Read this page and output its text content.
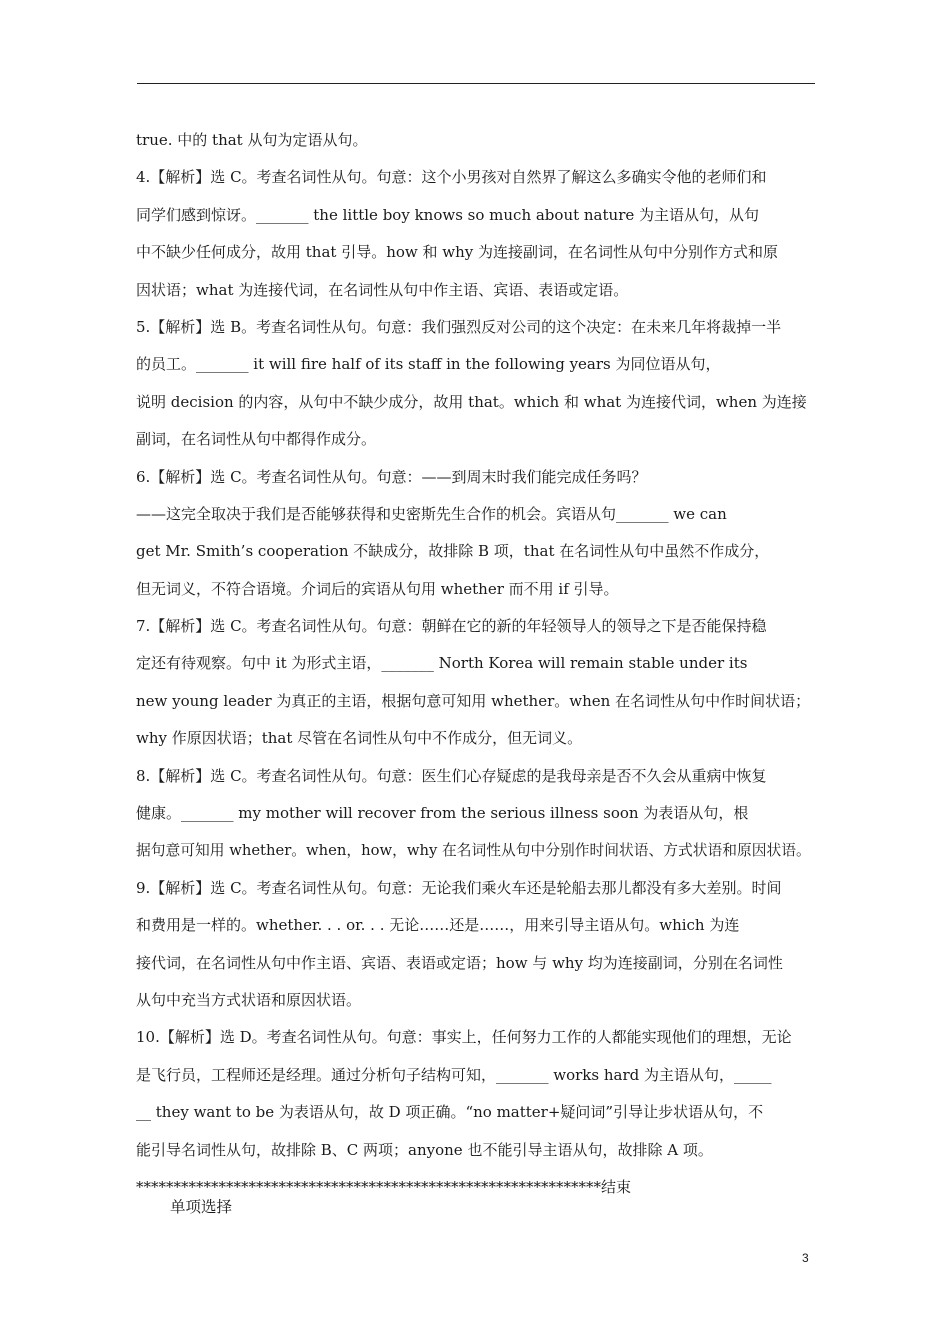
true. 中的 that 从句为定语从句。
4.【解析】选 C。考查名词性从句。句意：这个小男孩对自然界了解这么多确实令他的老师们和
同学们感到惊讶。_______ the little boy knows so much about nature 为主语从句，从句
中不缺少任何成分，故用 that 引导。how 和 why 为连接副词，在名词性从句中分别作方式和原
因状语；what 为连接代词，在名词性从句中作主语、宾语、表语或定语。
5.【解析】选 B。考查名词性从句。句意：我们强烈反对公司的这个决定：在未来几年将裁掉一半
的员工。_______ it will fire half of its staff in the following years 为同位语从句，
说明 decision 的内容，从句中不缺少成分，故用 that。which 和 what 为连接代词，when 为连接
副词，在名词性从句中都得作成分。
6.【解析】选 C。考查名词性从句。句意：——到周末时我们能完成任务吗？
——这完全取决于我们是否能够获得和史密斯先生合作的机会。宾语从句_______ we can
get Mr. Smith’s cooperation 不缺成分，故排除 B 项，that 在名词性从句中虽然不作成分，
但无词义，不符合语境。介词后的宾语从句用 whether 而不用 if 引导。
7.【解析】选 C。考查名词性从句。句意：朝鲜在它的新的年轻领导人的领导之下是否能保持稳
定还有待观察。句中 it 为形式主语，_______ North Korea will remain stable under its
new young leader 为真正的主语，根据句意可知用 whether。when 在名词性从句中作时间状语；
why 作原因状语；that 尽管在名词性从句中不作成分，但无词义。
8.【解析】选 C。考查名词性从句。句意：医生们心存疑虑的是我母亲是否不久会从重病中恢复
健康。_______ my mother will recover from the serious illness soon 为表语从句，根
据句意可知用 whether。when，how，why 在名词性从句中分别作时间状语、方式状语和原因状语。
9.【解析】选 C。考查名词性从句。句意：无论我们乘火车还是轮船去那儿都没有多大差别。时间
和费用是一样的。whether. . . or. . . 无论……还是……，用来引导主语从句。which 为连
接代词，在名词性从句中作主语、宾语、表语或定语；how 与 why 均为连接副词，分别在名词性
从句中充当方式状语和原因状语。
10.【解析】选 D。考查名词性从句。句意：事实上，任何努力工作的人都能实现他们的理想，无论
是飞行员，工程师还是经理。通过分析句子结构可知，_______ works hard 为主语从句，_____
__ they want to be 为表语从句，故 D 项正确。“no matter+疑问词”引导让步状语从句，不
能引导名词性从句，故排除 B、C 两项；anyone 也不能引导主语从句，故排除 A 项。
**************************************************************结束
单项选择
3
